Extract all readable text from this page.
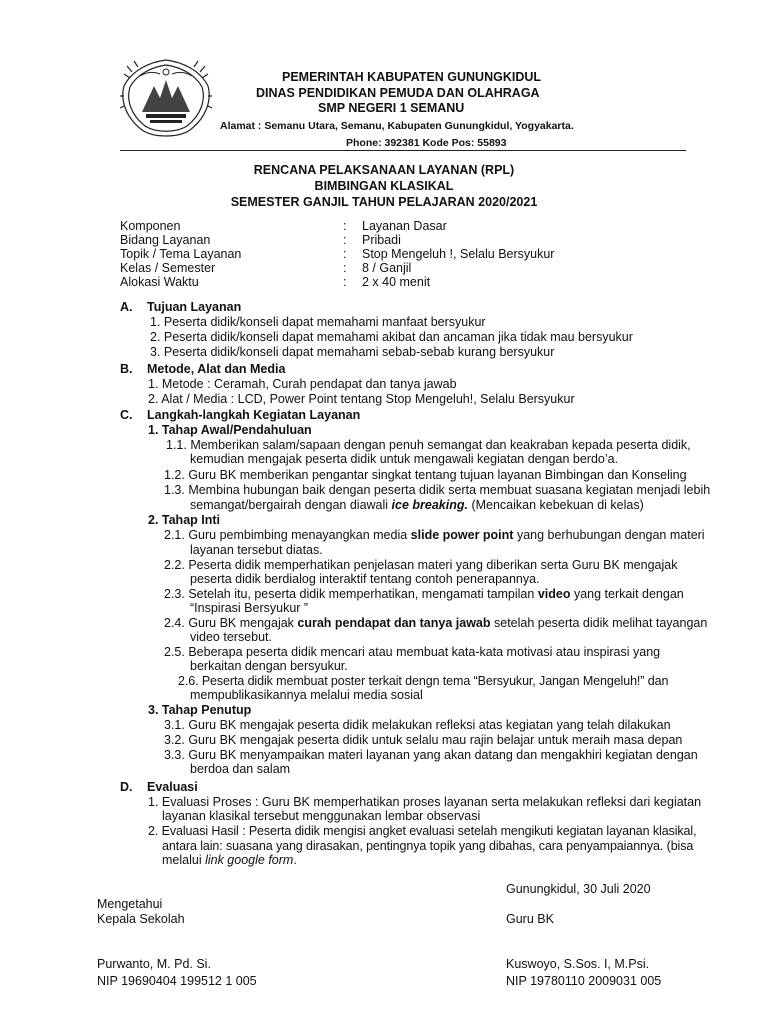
PEMERINTAH KABUPATEN GUNUNGKIDUL
DINAS PENDIDIKAN PEMUDA DAN OLAHRAGA
SMP NEGERI 1 SEMANU
Alamat : Semanu Utara, Semanu, Kabupaten Gunungkidul, Yogyakarta.
Phone: 392381 Kode Pos: 55893
RENCANA PELAKSANAAN LAYANAN (RPL)
BIMBINGAN KLASIKAL
SEMESTER GANJIL TAHUN PELAJARAN 2020/2021
Komponen	: Layanan Dasar
Bidang Layanan	: Pribadi
Topik / Tema Layanan	: Stop Mengeluh !, Selalu Bersyukur
Kelas / Semester	: 8 / Ganjil
Alokasi Waktu	: 2 x 40 menit
A. Tujuan Layanan
1. Peserta didik/konseli dapat memahami manfaat bersyukur
2. Peserta didik/konseli dapat memahami akibat dan ancaman jika tidak mau bersyukur
3. Peserta didik/konseli dapat memahami sebab-sebab kurang bersyukur
B. Metode, Alat dan Media
1. Metode : Ceramah, Curah pendapat dan tanya jawab
2. Alat / Media : LCD, Power Point tentang Stop Mengeluh!, Selalu Bersyukur
C. Langkah-langkah Kegiatan Layanan
1. Tahap Awal/Pendahuluan
1.1. Memberikan salam/sapaan dengan penuh semangat dan keakraban kepada peserta didik,
kemudian mengajak peserta didik untuk mengawali kegiatan dengan berdo’a.
1.2. Guru BK memberikan pengantar singkat tentang tujuan layanan Bimbingan dan Konseling
1.3. Membina hubungan baik dengan peserta didik serta membuat suasana kegiatan menjadi lebih
semangat/bergairah dengan diawali ice breaking. (Mencaikan kebekuan di kelas)
2. Tahap Inti
2.1. Guru pembimbing menayangkan media slide power point yang berhubungan dengan materi
layanan tersebut diatas.
2.2. Peserta didik memperhatikan penjelasan materi yang diberikan serta Guru BK mengajak
peserta didik berdialog interaktif tentang contoh penerapannya.
2.3. Setelah itu, peserta didik memperhatikan, mengamati tampilan video yang terkait dengan
“Inspirasi Bersyukur ”
2.4. Guru BK mengajak curah pendapat dan tanya jawab setelah peserta didik melihat tayangan
video tersebut.
2.5. Beberapa peserta didik mencari atau membuat kata-kata motivasi atau inspirasi yang
berkaitan dengan bersyukur.
2.6. Peserta didik membuat poster terkait dengn tema “Bersyukur, Jangan Mengeluh!” dan
mempublikasikannya melalui media sosial
3. Tahap Penutup
3.1. Guru BK mengajak peserta didik melakukan refleksi atas kegiatan yang telah dilakukan
3.2. Guru BK mengajak peserta didik untuk selalu mau rajin belajar untuk meraih masa depan
3.3. Guru BK menyampaikan materi layanan yang akan datang dan mengakhiri kegiatan dengan
berdoa dan salam
D. Evaluasi
1. Evaluasi Proses : Guru BK memperhatikan proses layanan serta melakukan refleksi dari kegiatan
layanan klasikal tersebut menggunakan lembar observasi
2. Evaluasi Hasil : Peserta didik mengisi angket evaluasi setelah mengikuti kegiatan layanan klasikal,
antara lain: suasana yang dirasakan, pentingnya topik yang dibahas, cara penyampaiannya. (bisa
melalui link google form.
Gunungkidul, 30 Juli 2020
Mengetahui
Kepala Sekolah	Guru BK
Purwanto, M. Pd. Si.
NIP 19690404 199512 1 005
Kuswoyo, S.Sos. I, M.Psi.
NIP 19780110 2009031 005
